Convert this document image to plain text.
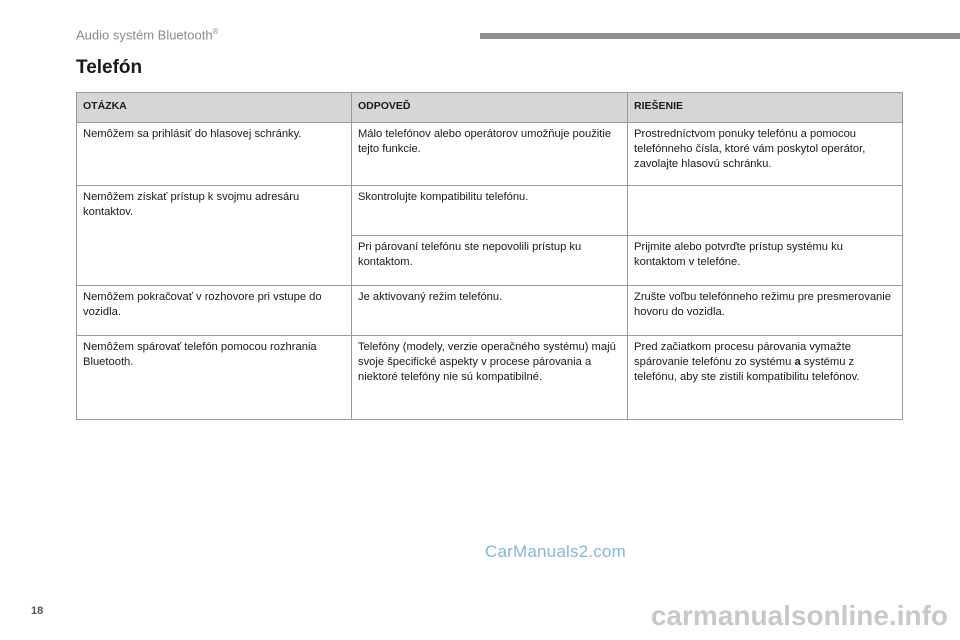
Audio systém Bluetooth®
Telefón
OTÁZKA	ODPOVEĎ	RIEŠENIE
Nemôžem sa prihlásiť do hlasovej schránky.	Málo telefónov alebo operátorov umožňuje použitie tejto funkcie.	Prostredníctvom ponuky telefónu a pomocou telefónneho čísla, ktoré vám poskytol operátor, zavolajte hlasovú schránku.
Nemôžem získať prístup k svojmu adresáru kontaktov.	Skontrolujte kompatibilitu telefónu.	
	Pri párovaní telefónu ste nepovolili prístup ku kontaktom.	Prijmite alebo potvrďte prístup systému ku kontaktom v telefóne.
Nemôžem pokračovať v rozhovore pri vstupe do vozidla.	Je aktivovaný režim telefónu.	Zrušte voľbu telefónneho režimu pre presmerovanie hovoru do vozidla.
Nemôžem spárovať telefón pomocou rozhrania Bluetooth.	Telefóny (modely, verzie operačného systému) majú svoje špecifické aspekty v procese párovania a niektoré telefóny nie sú kompatibilné.	Pred začiatkom procesu párovania vymažte spárovanie telefónu zo systému a systému z telefónu, aby ste zistili kompatibilitu telefónov.
CarManuals2.com
18	carmanualsonline.info
